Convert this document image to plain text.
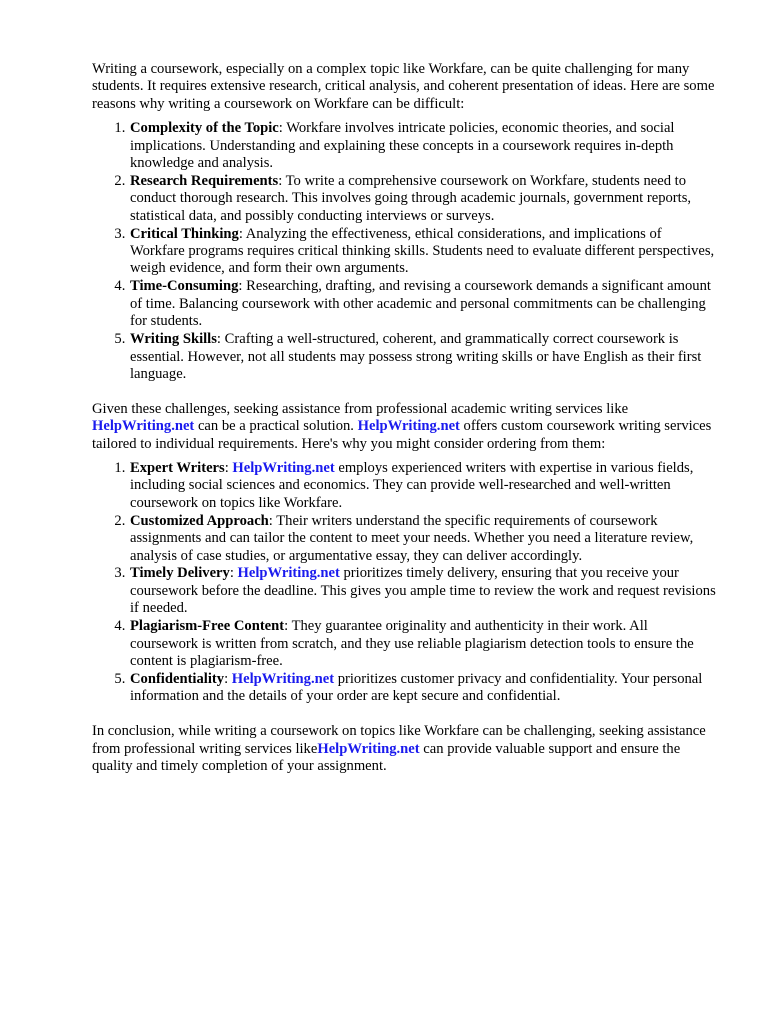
Writing a coursework, especially on a complex topic like Workfare, can be quite challenging for many students. It requires extensive research, critical analysis, and coherent presentation of ideas. Here are some reasons why writing a coursework on Workfare can be difficult:

1. Complexity of the Topic: Workfare involves intricate policies, economic theories, and social implications. Understanding and explaining these concepts in a coursework requires in-depth knowledge and analysis.
2. Research Requirements: To write a comprehensive coursework on Workfare, students need to conduct thorough research. This involves going through academic journals, government reports, statistical data, and possibly conducting interviews or surveys.
3. Critical Thinking: Analyzing the effectiveness, ethical considerations, and implications of Workfare programs requires critical thinking skills. Students need to evaluate different perspectives, weigh evidence, and form their own arguments.
4. Time-Consuming: Researching, drafting, and revising a coursework demands a significant amount of time. Balancing coursework with other academic and personal commitments can be challenging for students.
5. Writing Skills: Crafting a well-structured, coherent, and grammatically correct coursework is essential. However, not all students may possess strong writing skills or have English as their first language.

Given these challenges, seeking assistance from professional academic writing services like HelpWriting.net can be a practical solution. HelpWriting.net offers custom coursework writing services tailored to individual requirements. Here's why you might consider ordering from them:

1. Expert Writers: HelpWriting.net employs experienced writers with expertise in various fields, including social sciences and economics. They can provide well-researched and well-written coursework on topics like Workfare.
2. Customized Approach: Their writers understand the specific requirements of coursework assignments and can tailor the content to meet your needs. Whether you need a literature review, analysis of case studies, or argumentative essay, they can deliver accordingly.
3. Timely Delivery: HelpWriting.net prioritizes timely delivery, ensuring that you receive your coursework before the deadline. This gives you ample time to review the work and request revisions if needed.
4. Plagiarism-Free Content: They guarantee originality and authenticity in their work. All coursework is written from scratch, and they use reliable plagiarism detection tools to ensure the content is plagiarism-free.
5. Confidentiality: HelpWriting.net prioritizes customer privacy and confidentiality. Your personal information and the details of your order are kept secure and confidential.

In conclusion, while writing a coursework on topics like Workfare can be challenging, seeking assistance from professional writing services likeHelpWriting.net can provide valuable support and ensure the quality and timely completion of your assignment.
